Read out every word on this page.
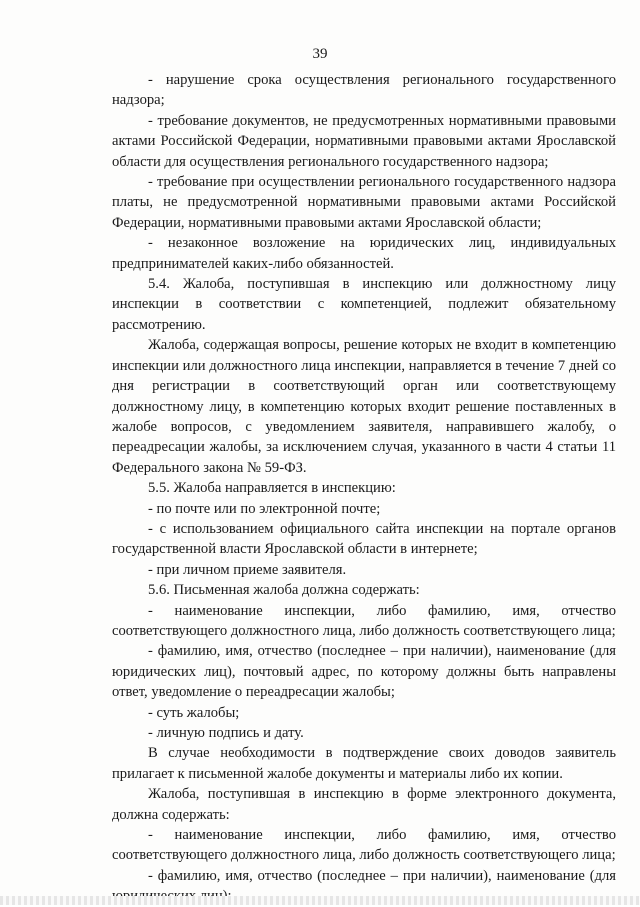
39

- нарушение срока осуществления регионального государственного надзора;

- требование документов, не предусмотренных нормативными правовыми актами Российской Федерации, нормативными правовыми актами Ярославской области для осуществления регионального государственного надзора;

- требование при осуществлении регионального государственного надзора платы, не предусмотренной нормативными правовыми актами Российской Федерации, нормативными правовыми актами Ярославской области;

- незаконное возложение на юридических лиц, индивидуальных предпринимателей каких-либо обязанностей.

5.4. Жалоба, поступившая в инспекцию или должностному лицу инспекции в соответствии с компетенцией, подлежит обязательному рассмотрению.

Жалоба, содержащая вопросы, решение которых не входит в компетенцию инспекции или должностного лица инспекции, направляется в течение 7 дней со дня регистрации в соответствующий орган или соответствующему должностному лицу, в компетенцию которых входит решение поставленных в жалобе вопросов, с уведомлением заявителя, направившего жалобу, о переадресации жалобы, за исключением случая, указанного в части 4 статьи 11 Федерального закона № 59-ФЗ.

5.5. Жалоба направляется в инспекцию:

- по почте или по электронной почте;

- с использованием официального сайта инспекции на портале органов государственной власти Ярославской области в интернете;

- при личном приеме заявителя.

5.6. Письменная жалоба должна содержать:

- наименование инспекции, либо фамилию, имя, отчество соответствующего должностного лица, либо должность соответствующего лица;

- фамилию, имя, отчество (последнее – при наличии), наименование (для юридических лиц), почтовый адрес, по которому должны быть направлены ответ, уведомление о переадресации жалобы;

- суть жалобы;

- личную подпись и дату.

В случае необходимости в подтверждение своих доводов заявитель прилагает к письменной жалобе документы и материалы либо их копии.

Жалоба, поступившая в инспекцию в форме электронного документа, должна содержать:

- наименование инспекции, либо фамилию, имя, отчество соответствующего должностного лица, либо должность соответствующего лица;

- фамилию, имя, отчество (последнее – при наличии), наименование (для
